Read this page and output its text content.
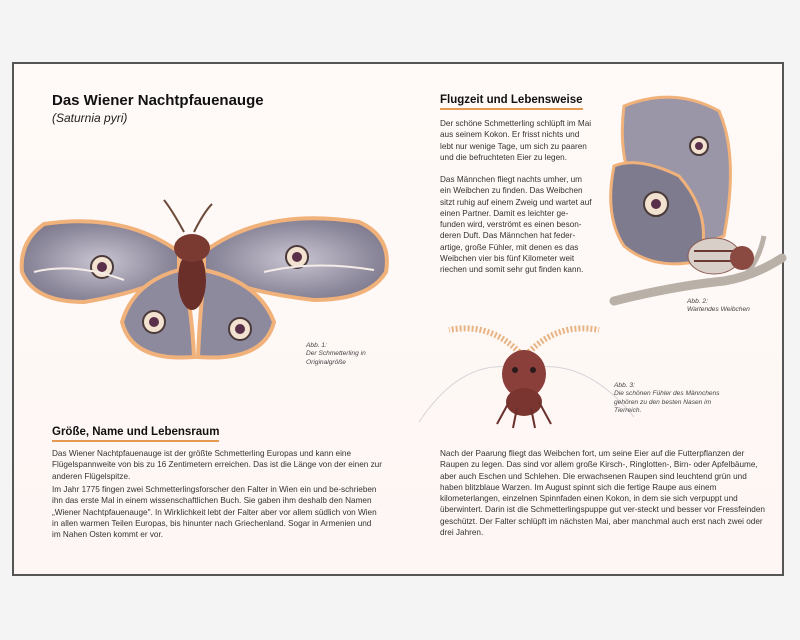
Das Wiener Nachtpfauenauge

(Saturnia pyri)

Abb. 1:
Der Schmetterling in Originalgröße

Flugzeit und Lebensweise

Der schöne Schmetterling schlüpft im Mai aus seinem Kokon. Er frisst nichts und lebt nur wenige Tage, um sich zu paaren und die befruchteten Eier zu legen.

Das Männchen fliegt nachts umher, um ein Weibchen zu finden. Das Weibchen sitzt ruhig auf einem Zweig und wartet auf einen Partner. Damit es leichter ge-funden wird, verströmt es einen beson-deren Duft. Das Männchen hat feder-artige, große Fühler, mit denen es das Weibchen vier bis fünf Kilometer weit riechen und somit sehr gut finden kann.

Abb. 2:
Wartendes Weibchen

Abb. 3:
Die schönen Fühler des Männchens gehören zu den besten Nasen im Tierreich.

Größe, Name und Lebensraum

Das Wiener Nachtpfauenauge ist der größte Schmetterling Europas und kann eine Flügelspannweite von bis zu 16 Zentimetern erreichen. Das ist die Länge von der einen zur anderen Flügelspitze.

Im Jahr 1775 fingen zwei Schmetterlingsforscher den Falter in Wien ein und be-schrieben ihn das erste Mal in einem wissenschaftlichen Buch. Sie gaben ihm deshalb den Namen „Wiener Nachtpfauenauge". In Wirklichkeit lebt der Falter aber vor allem südlich von Wien in allen warmen Teilen Europas, bis hinunter nach Griechenland. Sogar in Armenien und im Nahen Osten kommt er vor.

Nach der Paarung fliegt das Weibchen fort, um seine Eier auf die Futterpflanzen der Raupen zu legen. Das sind vor allem große Kirsch-, Ringlotten-, Birn- oder Apfelbäume, aber auch Eschen und Schlehen. Die erwachsenen Raupen sind leuchtend grün und haben blitzblaue Warzen. Im August spinnt sich die fertige Raupe aus einem kilometerlangen, einzelnen Spinnfaden einen Kokon, in dem sie sich verpuppt und überwintert. Darin ist die Schmetterlingspuppe gut ver-steckt und besser vor Fressfeinden geschützt. Der Falter schlüpft im nächsten Mai, aber manchmal auch erst nach zwei oder drei Jahren.
